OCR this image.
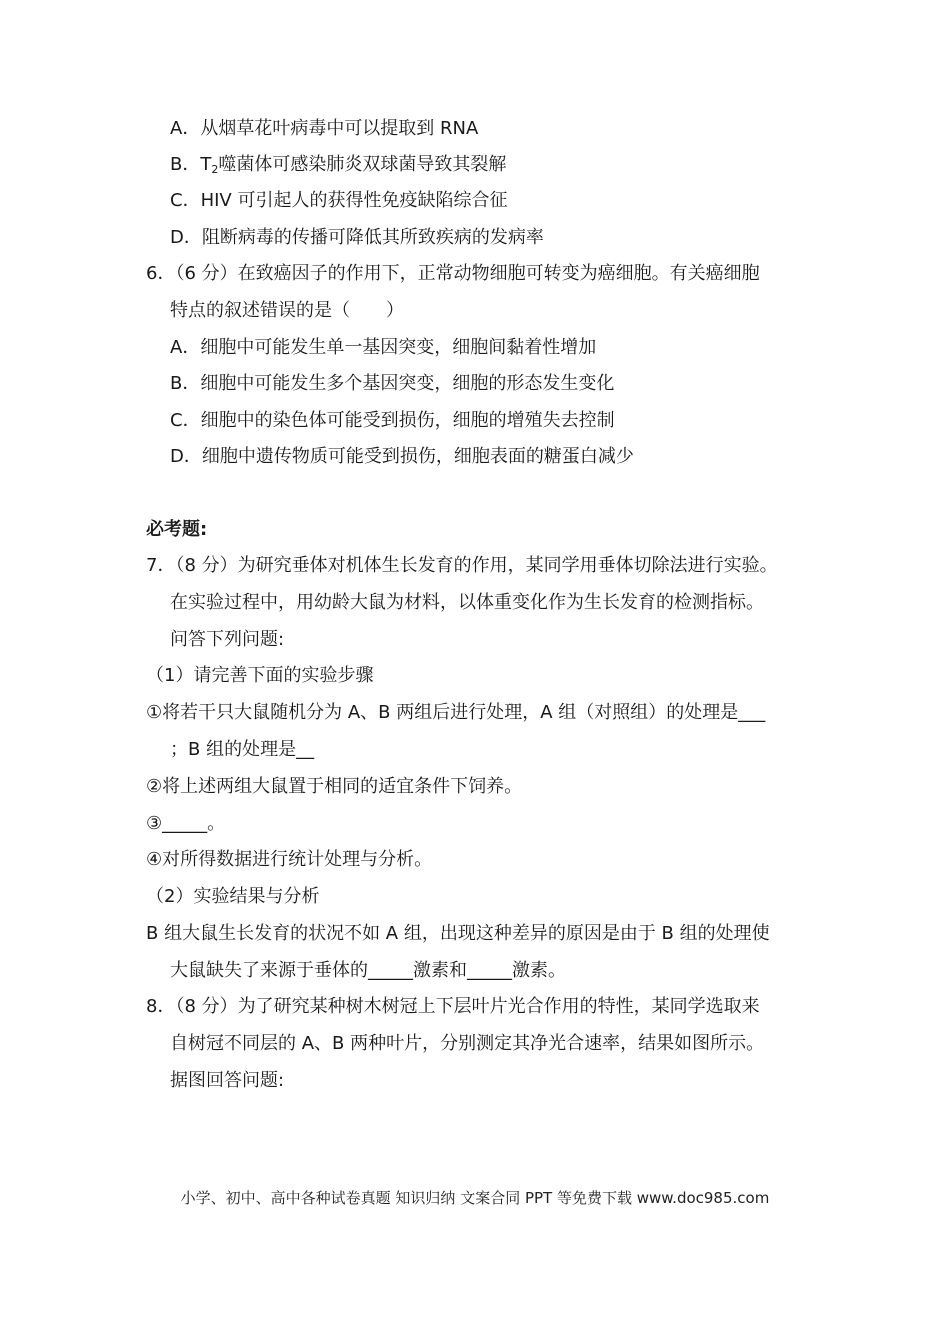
A．从烟草花叶病毒中可以提取到 RNA
B．$T_2$噬菌体可感染肺炎双球菌导致其裂解
C．HIV 可引起人的获得性免疫缺陷综合征
D．阻断病毒的传播可降低其所致疾病的发病率
6．（6 分）在致癌因子的作用下，正常动物细胞可转变为癌细胞。有关癌细胞
特点的叙述错误的是（　　）
A．细胞中可能发生单一基因突变，细胞间黏着性增加
B．细胞中可能发生多个基因突变，细胞的形态发生变化
C．细胞中的染色体可能受到损伤，细胞的增殖失去控制
D．细胞中遗传物质可能受到损伤，细胞表面的糖蛋白减少
必考题:
7．（8 分）为研究垂体对机体生长发育的作用，某同学用垂体切除法进行实验。
在实验过程中，用幼龄大鼠为材料，以体重变化作为生长发育的检测指标。
问答下列问题:
（1）请完善下面的实验步骤
①将若干只大鼠随机分为 A、B 两组后进行处理，A 组（对照组）的处理是___
；B 组的处理是__
②将上述两组大鼠置于相同的适宜条件下饲养。
③_____。
④对所得数据进行统计处理与分析。
（2）实验结果与分析
B 组大鼠生长发育的状况不如 A 组，出现这种差异的原因是由于 B 组的处理使
大鼠缺失了来源于垂体的_____激素和_____激素。
8．（8 分）为了研究某种树木树冠上下层叶片光合作用的特性，某同学选取来
自树冠不同层的 A、B 两种叶片，分别测定其净光合速率，结果如图所示。
据图回答问题:
小学、初中、高中各种试卷真题 知识归纳 文案合同 PPT 等免费下载 www.doc985.com
